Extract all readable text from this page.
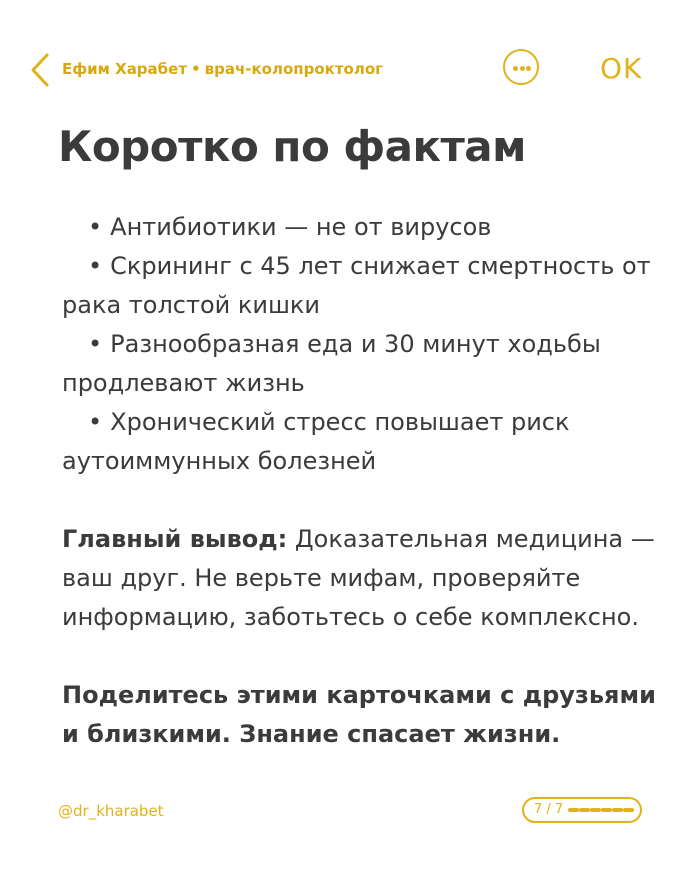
Ефим Харабет • врач-колопроктолог	OK
Коротко по фактам

• Антибиотики — не от вирусов

• Скрининг с 45 лет снижает смертность от рака толстой кишки

• Разнообразная еда и 30 минут ходьбы продлевают жизнь

• Хронический стресс повышает риск аутоиммунных болезней

Главный вывод: Доказательная медицина — ваш друг. Не верьте мифам, проверяйте информацию, заботьтесь о себе комплексно.

Поделитесь этими карточками с друзьями и близкими. Знание спасает жизни.

@dr_kharabet	7 / 7
